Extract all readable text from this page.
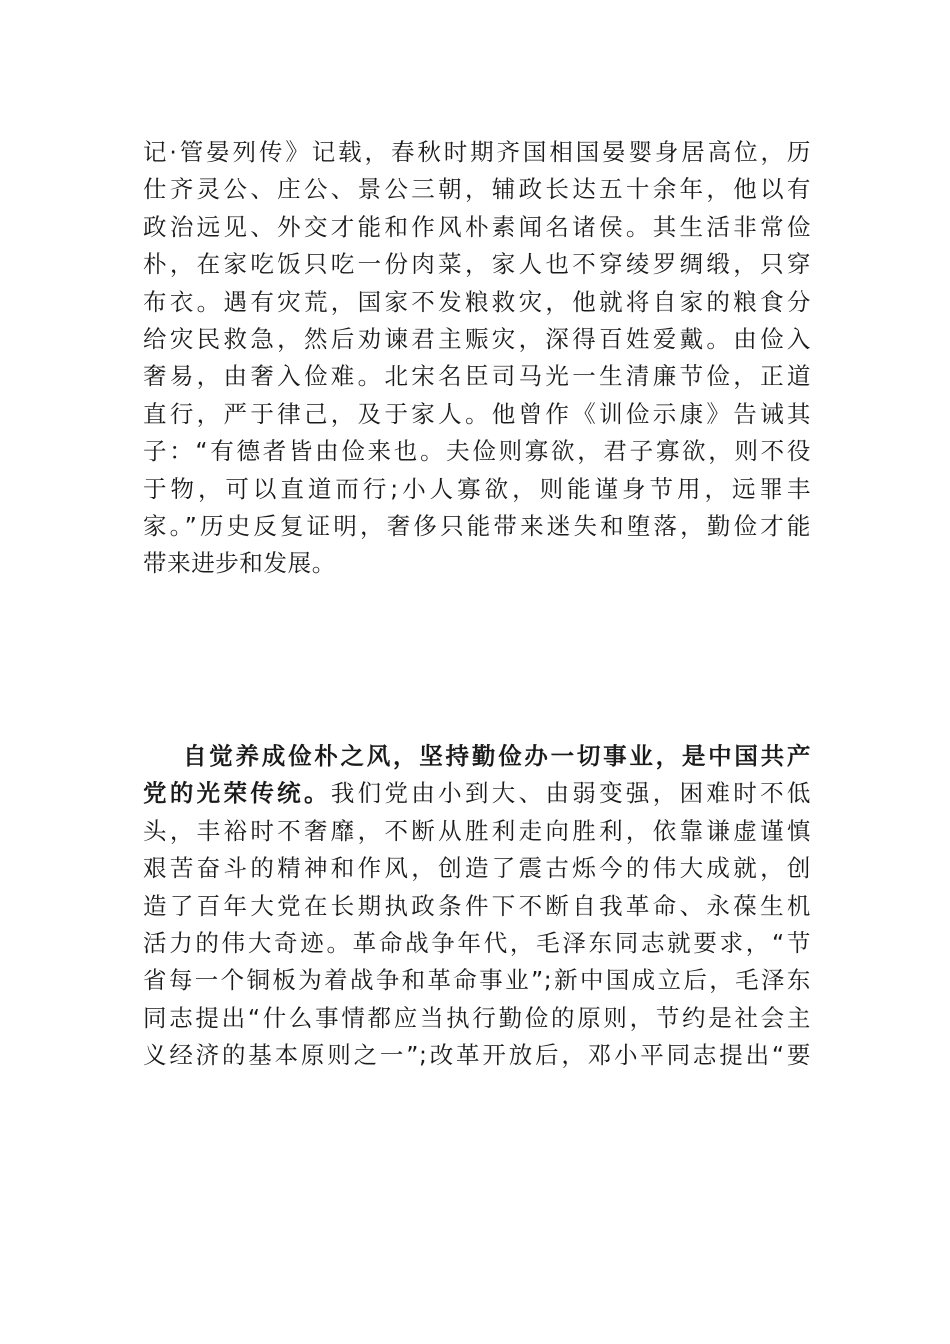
记·管晏列传》记载，春秋时期齐国相国晏婴身居高位，历
仕齐灵公、庄公、景公三朝，辅政长达五十余年，他以有
政治远见、外交才能和作风朴素闻名诸侯。其生活非常俭
朴，在家吃饭只吃一份肉菜，家人也不穿绫罗绸缎，只穿
布衣。遇有灾荒，国家不发粮救灾，他就将自家的粮食分
给灾民救急，然后劝谏君主赈灾，深得百姓爱戴。由俭入
奢易，由奢入俭难。北宋名臣司马光一生清廉节俭，正道
直行，严于律己，及于家人。他曾作《训俭示康》告诫其
子：“有德者皆由俭来也。夫俭则寡欲，君子寡欲，则不役
于物，可以直道而行;小人寡欲，则能谨身节用，远罪丰
家。”历史反复证明，奢侈只能带来迷失和堕落，勤俭才能
带来进步和发展。
自觉养成俭朴之风，坚持勤俭办一切事业，是中国共产
党的光荣传统。我们党由小到大、由弱变强，困难时不低
头，丰裕时不奢靡，不断从胜利走向胜利，依靠谦虚谨慎
艰苦奋斗的精神和作风，创造了震古烁今的伟大成就，创
造了百年大党在长期执政条件下不断自我革命、永葆生机
活力的伟大奇迹。革命战争年代，毛泽东同志就要求，“节
省每一个铜板为着战争和革命事业”;新中国成立后，毛泽东
同志提出“什么事情都应当执行勤俭的原则，节约是社会主
义经济的基本原则之一”;改革开放后，邓小平同志提出“要
